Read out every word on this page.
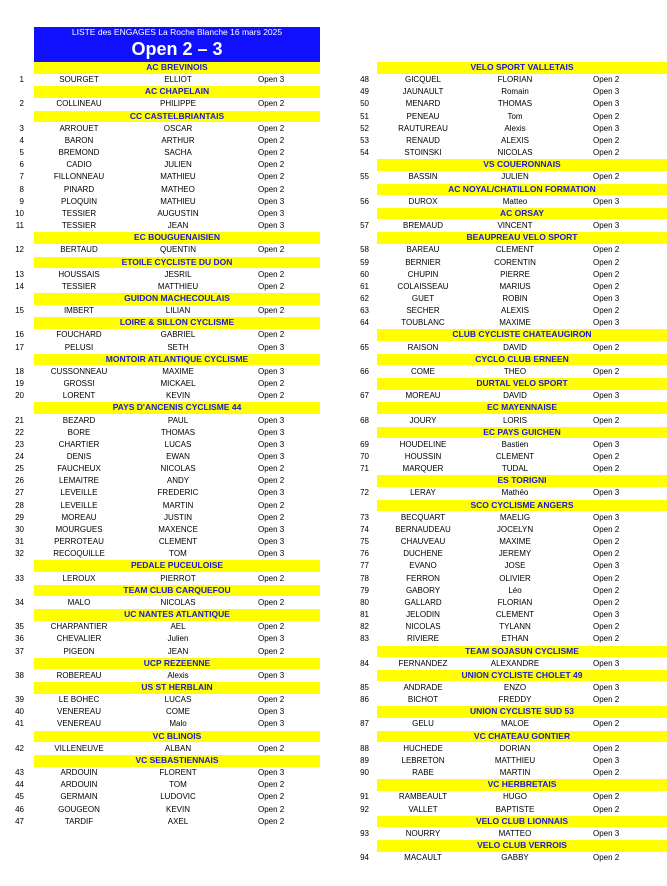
LISTE des ENGAGES La Roche Blanche 16 mars 2025
Open 2 – 3
AC BREVINOIS
1	SOURGET	ELLIOT	Open 3
AC CHAPELAIN
2	COLLINEAU	PHILIPPE	Open 2
CC CASTELBRIANTAIS
3	ARROUET	OSCAR	Open 2
4	BARON	ARTHUR	Open 2
5	BREMOND	SACHA	Open 2
6	CADIO	JULIEN	Open 2
7	FILLONNEAU	MATHIEU	Open 2
8	PINARD	MATHEO	Open 2
9	PLOQUIN	MATHIEU	Open 3
10	TESSIER	AUGUSTIN	Open 3
11	TESSIER	JEAN	Open 3
EC BOUGUENAISIEN
12	BERTAUD	QUENTIN	Open 2
ETOILE CYCLISTE DU DON
13	HOUSSAIS	JESRIL	Open 2
14	TESSIER	MATTHIEU	Open 2
GUIDON MACHECOULAIS
15	IMBERT	LILIAN	Open 2
LOIRE & SILLON CYCLISME
16	FOUCHARD	GABRIEL	Open 2
17	PELUSI	SETH	Open 3
MONTOIR ATLANTIQUE CYCLISME
18	CUSSONNEAU	MAXIME	Open 3
19	GROSSI	MICKAEL	Open 2
20	LORENT	KEVIN	Open 2
PAYS D'ANCENIS CYCLISME 44
21	BEZARD	PAUL	Open 3
22	BORE	THOMAS	Open 3
23	CHARTIER	LUCAS	Open 3
24	DENIS	EWAN	Open 3
25	FAUCHEUX	NICOLAS	Open 2
26	LEMAITRE	ANDY	Open 2
27	LEVEILLE	FREDERIC	Open 3
28	LEVEILLE	MARTIN	Open 2
29	MOREAU	JUSTIN	Open 2
30	MOURGUES	MAXENCE	Open 3
31	PERROTEAU	CLEMENT	Open 3
32	RECOQUILLE	TOM	Open 3
PEDALE PUCEULOISE
33	LEROUX	PIERROT	Open 2
TEAM CLUB CARQUEFOU
34	MALO	NICOLAS	Open 2
UC NANTES ATLANTIQUE
35	CHARPANTIER	AEL	Open 2
36	CHEVALIER	Julien	Open 3
37	PIGEON	JEAN	Open 2
UCP REZEENNE
38	ROBEREAU	Alexis	Open 3
US ST HERBLAIN
39	LE BOHEC	LUCAS	Open 2
40	VENEREAU	COME	Open 3
41	VENEREAU	Malo	Open 3
VC BLINOIS
42	VILLENEUVE	ALBAN	Open 2
VC SEBASTIENNAIS
43	ARDOUIN	FLORENT	Open 3
44	ARDOUIN	TOM	Open 2
45	GERMAIN	LUDOVIC	Open 2
46	GOUGEON	KEVIN	Open 2
47	TARDIF	AXEL	Open 2
VELO SPORT VALLETAIS
48	GICQUEL	FLORIAN	Open 2
49	JAUNAULT	Romain	Open 3
50	MENARD	THOMAS	Open 3
51	PENEAU	Tom	Open 2
52	RAUTUREAU	Alexis	Open 3
53	RENAUD	ALEXIS	Open 2
54	STOINSKI	NICOLAS	Open 2
VS COUERONNAIS
55	BASSIN	JULIEN	Open 2
AC NOYAL/CHATILLON FORMATION
56	DUROX	Matteo	Open 3
AC ORSAY
57	BREMAUD	VINCENT	Open 3
BEAUPREAU VELO SPORT
58	BAREAU	CLEMENT	Open 2
59	BERNIER	CORENTIN	Open 2
60	CHUPIN	PIERRE	Open 2
61	COLAISSEAU	MARIUS	Open 2
62	GUET	ROBIN	Open 3
63	SECHER	ALEXIS	Open 2
64	TOUBLANC	MAXIME	Open 3
CLUB CYCLISTE CHATEAUGIRON
65	RAISON	DAVID	Open 2
CYCLO CLUB ERNEEN
66	COME	THEO	Open 2
DURTAL VELO SPORT
67	MOREAU	DAVID	Open 3
EC MAYENNAISE
68	JOURY	LORIS	Open 2
EC PAYS GUICHEN
69	HOUDELINE	Bastien	Open 3
70	HOUSSIN	CLEMENT	Open 2
71	MARQUER	TUDAL	Open 2
ES TORIGNI
72	LERAY	Mathéo	Open 3
SCO CYCLISME ANGERS
73	BECQUART	MAELIG	Open 3
74	BERNAUDEAU	JOCELYN	Open 2
75	CHAUVEAU	MAXIME	Open 2
76	DUCHENE	JEREMY	Open 2
77	EVANO	JOSE	Open 3
78	FERRON	OLIVIER	Open 2
79	GABORY	Léo	Open 2
80	GALLARD	FLORIAN	Open 2
81	JELODIN	CLEMENT	Open 3
82	NICOLAS	TYLANN	Open 2
83	RIVIERE	ETHAN	Open 2
TEAM SOJASUN CYCLISME
84	FERNANDEZ	ALEXANDRE	Open 3
UNION CYCLISTE CHOLET 49
85	ANDRADE	ENZO	Open 3
86	BICHOT	FREDDY	Open 2
UNION CYCLISTE SUD 53
87	GELU	MALOE	Open 2
VC CHATEAU GONTIER
88	HUCHEDE	DORIAN	Open 2
89	LEBRETON	MATTHIEU	Open 3
90	RABE	MARTIN	Open 2
VC HERBRETAIS
91	RAMBEAULT	HUGO	Open 2
92	VALLET	BAPTISTE	Open 2
VELO CLUB LIONNAIS
93	NOURRY	MATTEO	Open 3
VELO CLUB VERROIS
94	MACAULT	GABBY	Open 2
